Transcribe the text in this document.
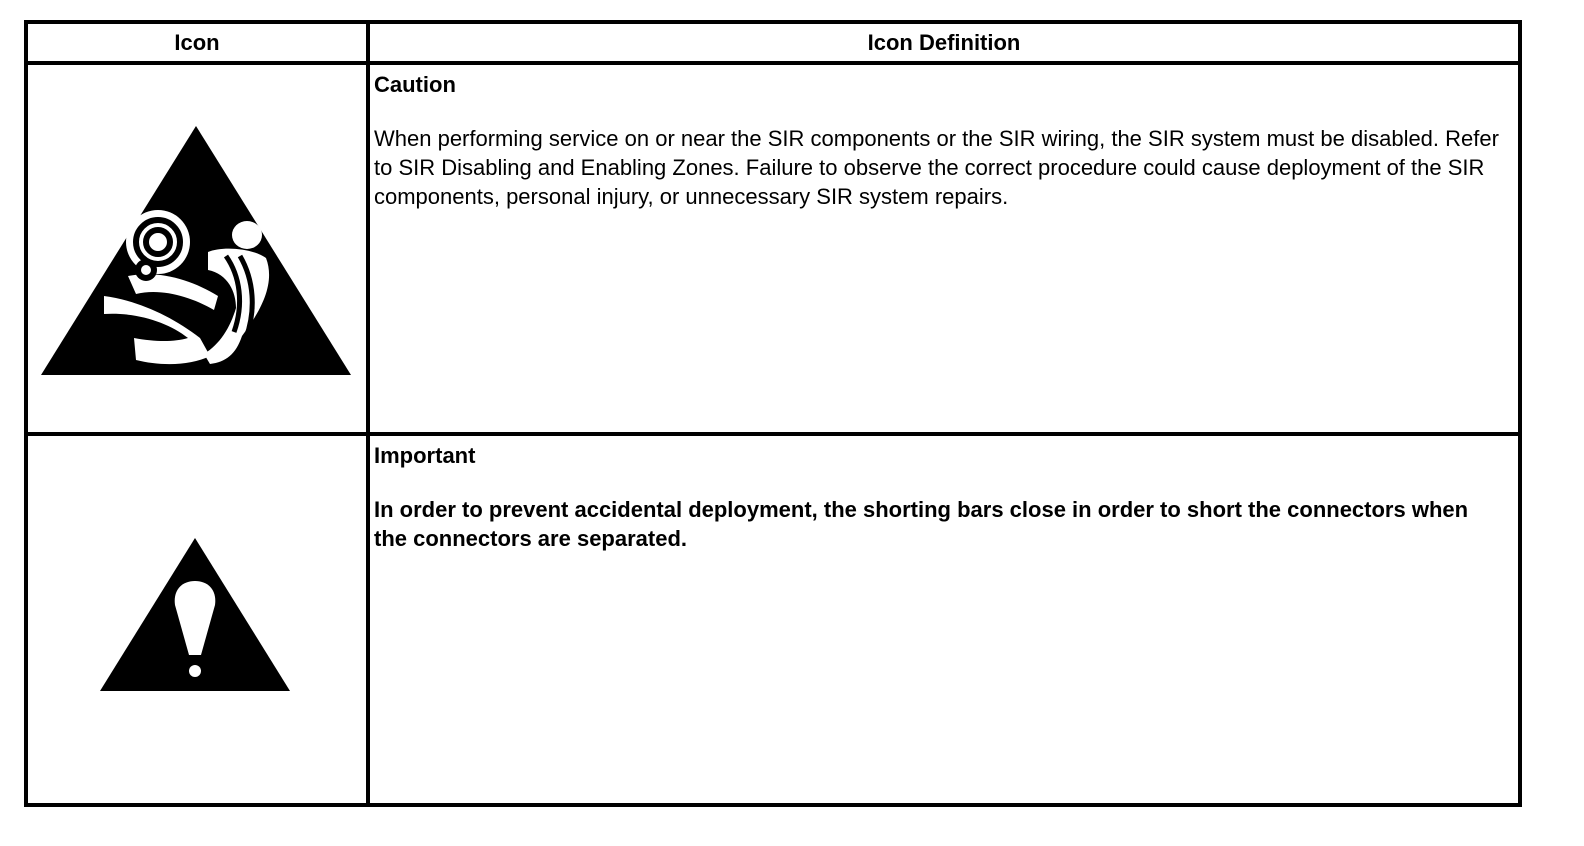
Icon	Icon Definition

Caution

When performing service on or near the SIR components or the SIR wiring, the SIR system must be disabled. Refer to SIR Disabling and Enabling Zones. Failure to observe the correct procedure could cause deployment of the SIR components, personal injury, or unnecessary SIR system repairs.

Important

In order to prevent accidental deployment, the shorting bars close in order to short the connectors when the connectors are separated.
